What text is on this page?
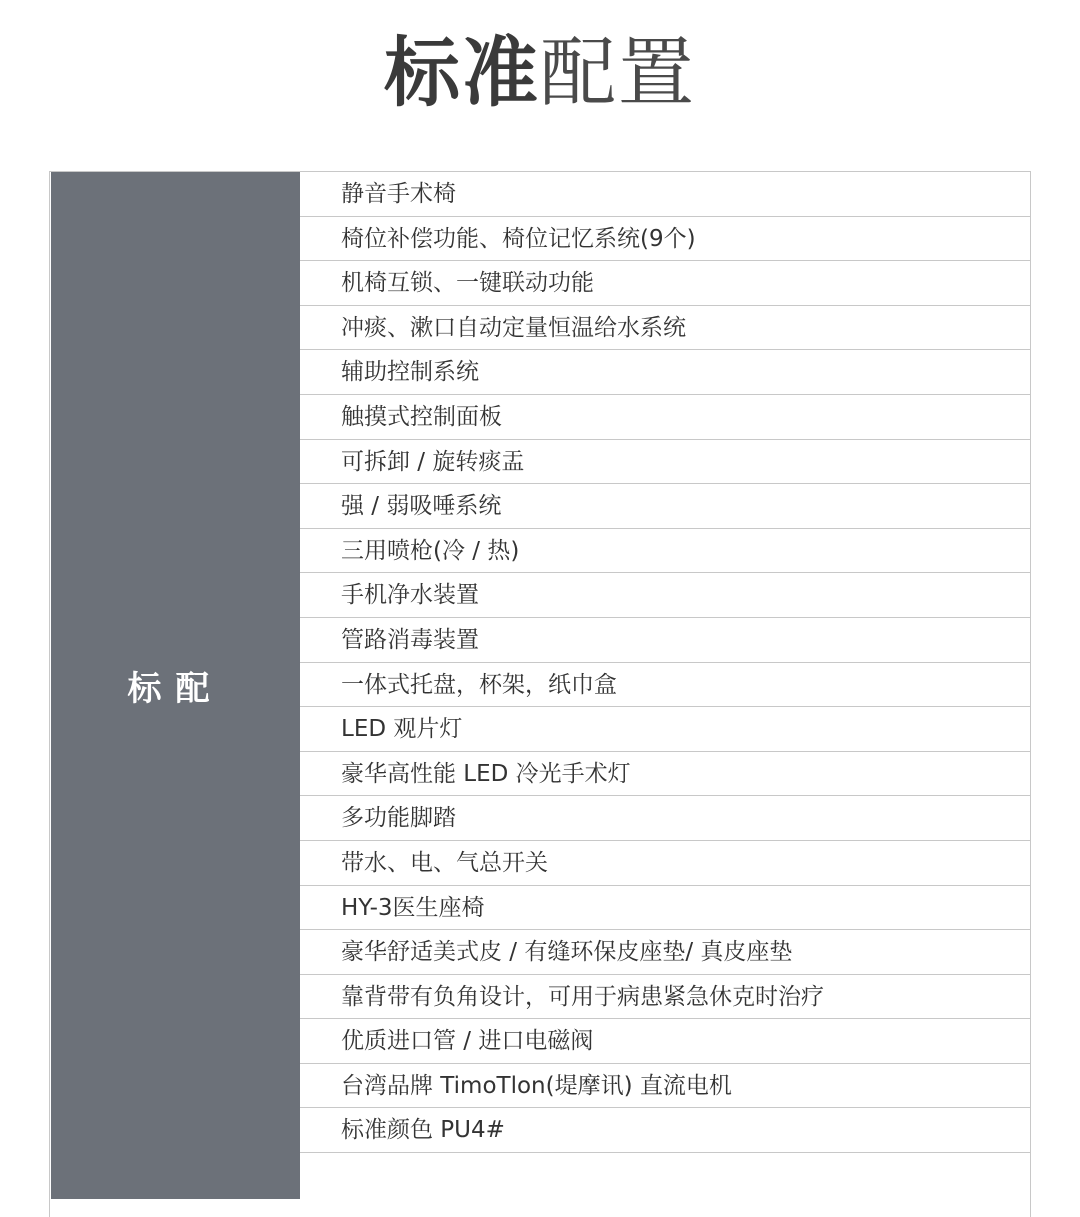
标准配置
标配
静音手术椅
椅位补偿功能、椅位记忆系统(9个)
机椅互锁、一键联动功能
冲痰、漱口自动定量恒温给水系统
辅助控制系统
触摸式控制面板
可拆卸 / 旋转痰盂
强 / 弱吸唾系统
三用喷枪(冷 / 热)
手机净水装置
管路消毒装置
一体式托盘，杯架，纸巾盒
LED 观片灯
豪华高性能 LED 冷光手术灯
多功能脚踏
带水、电、气总开关
HY-3医生座椅
豪华舒适美式皮 / 有缝环保皮座垫/ 真皮座垫
靠背带有负角设计，可用于病患紧急休克时治疗
优质进口管 / 进口电磁阀
台湾品牌 TimoTlon(堤摩讯) 直流电机
标准颜色 PU4#
